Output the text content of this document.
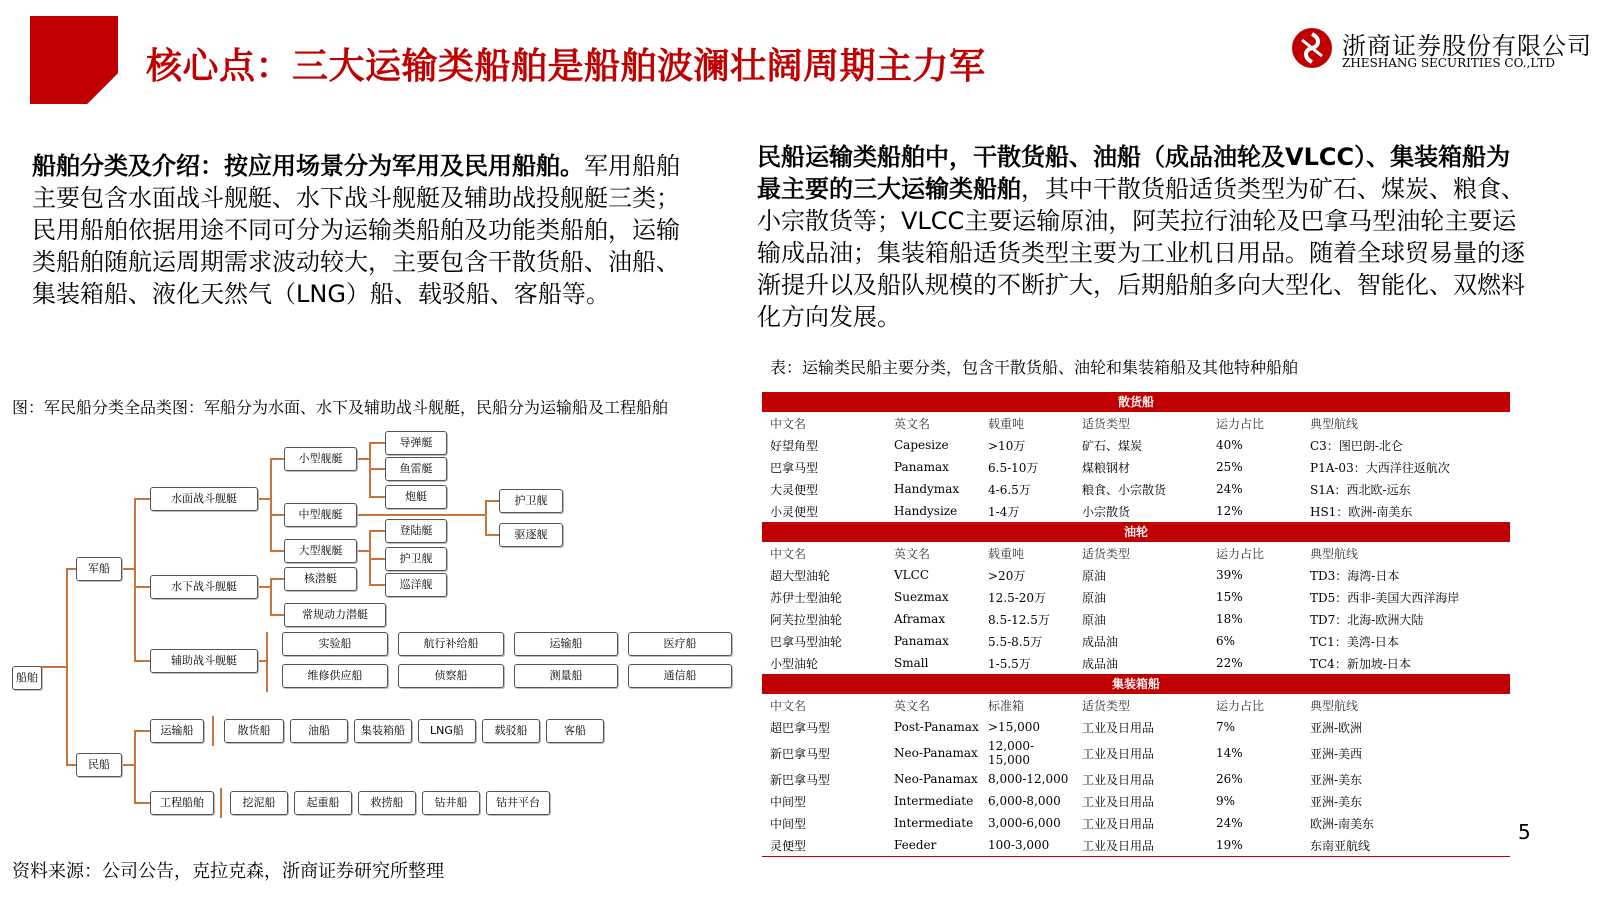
核心点：三大运输类船舶是船舶波澜壮阔周期主力军	浙商证券股份有限公司
ZHESHANG SECURITIES CO.,LTD
船舶分类及介绍：按应用场景分为军用及民用船舶。军用船舶主要包含水面战斗舰艇、水下战斗舰艇及辅助战投舰艇三类；民用船舶依据用途不同可分为运输类船舶及功能类船舶，运输类船舶随航运周期需求波动较大，主要包含干散货船、油船、集装箱船、液化天然气（LNG）船、载驳船、客船等。
民船运输类船舶中，干散货船、油船（成品油轮及VLCC）、集装箱船为最主要的三大运输类船舶，其中干散货船适货类型为矿石、煤炭、粮食、小宗散货等；VLCC主要运输原油，阿芙拉行油轮及巴拿马型油轮主要运输成品油；集装箱船适货类型主要为工业机日用品。随着全球贸易量的逐渐提升以及船队规模的不断扩大，后期船舶多向大型化、智能化、双燃料化方向发展。
图：军民船分类全品类图：军船分为水面、水下及辅助战斗舰艇，民船分为运输船及工程船舶
表：运输类民船主要分类，包含干散货船、油轮和集装箱船及其他特种船舶
船舶
军船
民船
水面战斗舰艇
水下战斗舰艇
辅助战斗舰艇
小型舰艇
中型舰艇
大型舰艇
导弹艇
鱼雷艇
炮艇	护卫舰
驱逐舰
登陆艇
护卫舰
巡洋舰
核潜艇
常规动力潜艇
实验船	航行补给船	运输船	医疗船
维修供应船	侦察船	测量船	通信船
运输船	散货船	油船	集装箱船	LNG船	载驳船	客船
工程船舶	挖泥船	起重船	救捞船	钻井船	钻井平台
散货船
中文名	英文名	载重吨	适货类型	运力占比	典型航线
好望角型	Capesize	>10万	矿石、煤炭	40%	C3：图巴朗-北仑
巴拿马型	Panamax	6.5-10万	煤粮钢材	25%	P1A-03：大西洋往返航次
大灵便型	Handymax	4-6.5万	粮食、小宗散货	24%	S1A：西北欧-远东
小灵便型	Handysize	1-4万	小宗散货	12%	HS1：欧洲-南美东
油轮
中文名	英文名	载重吨	适货类型	运力占比	典型航线
超大型油轮	VLCC	>20万	原油	39%	TD3：海湾-日本
苏伊士型油轮	Suezmax	12.5-20万	原油	15%	TD5：西非-美国大西洋海岸
阿芙拉型油轮	Aframax	8.5-12.5万	原油	18%	TD7：北海-欧洲大陆
巴拿马型油轮	Panamax	5.5-8.5万	成品油	6%	TC1：美湾-日本
小型油轮	Small	1-5.5万	成品油	22%	TC4：新加坡-日本
集装箱船
中文名	英文名	标准箱	适货类型	运力占比	典型航线
超巴拿马型	Post-Panamax >15,000	工业及日用品	7%	亚洲-欧洲
新巴拿马型	Neo-Panamax 12,000-15,000	工业及日用品	14%	亚洲-美西
新巴拿马型	Neo-Panamax 8,000-12,000	工业及日用品	26%	亚洲-美东
中间型	Intermediate	6,000-8,000	工业及日用品	9%	亚洲-美东
中间型	Intermediate	3,000-6,000	工业及日用品	24%	欧洲-南美东
灵便型	Feeder	100-3,000	工业及日用品	19%	东南亚航线
资料来源：公司公告，克拉克森，浙商证券研究所整理
5
